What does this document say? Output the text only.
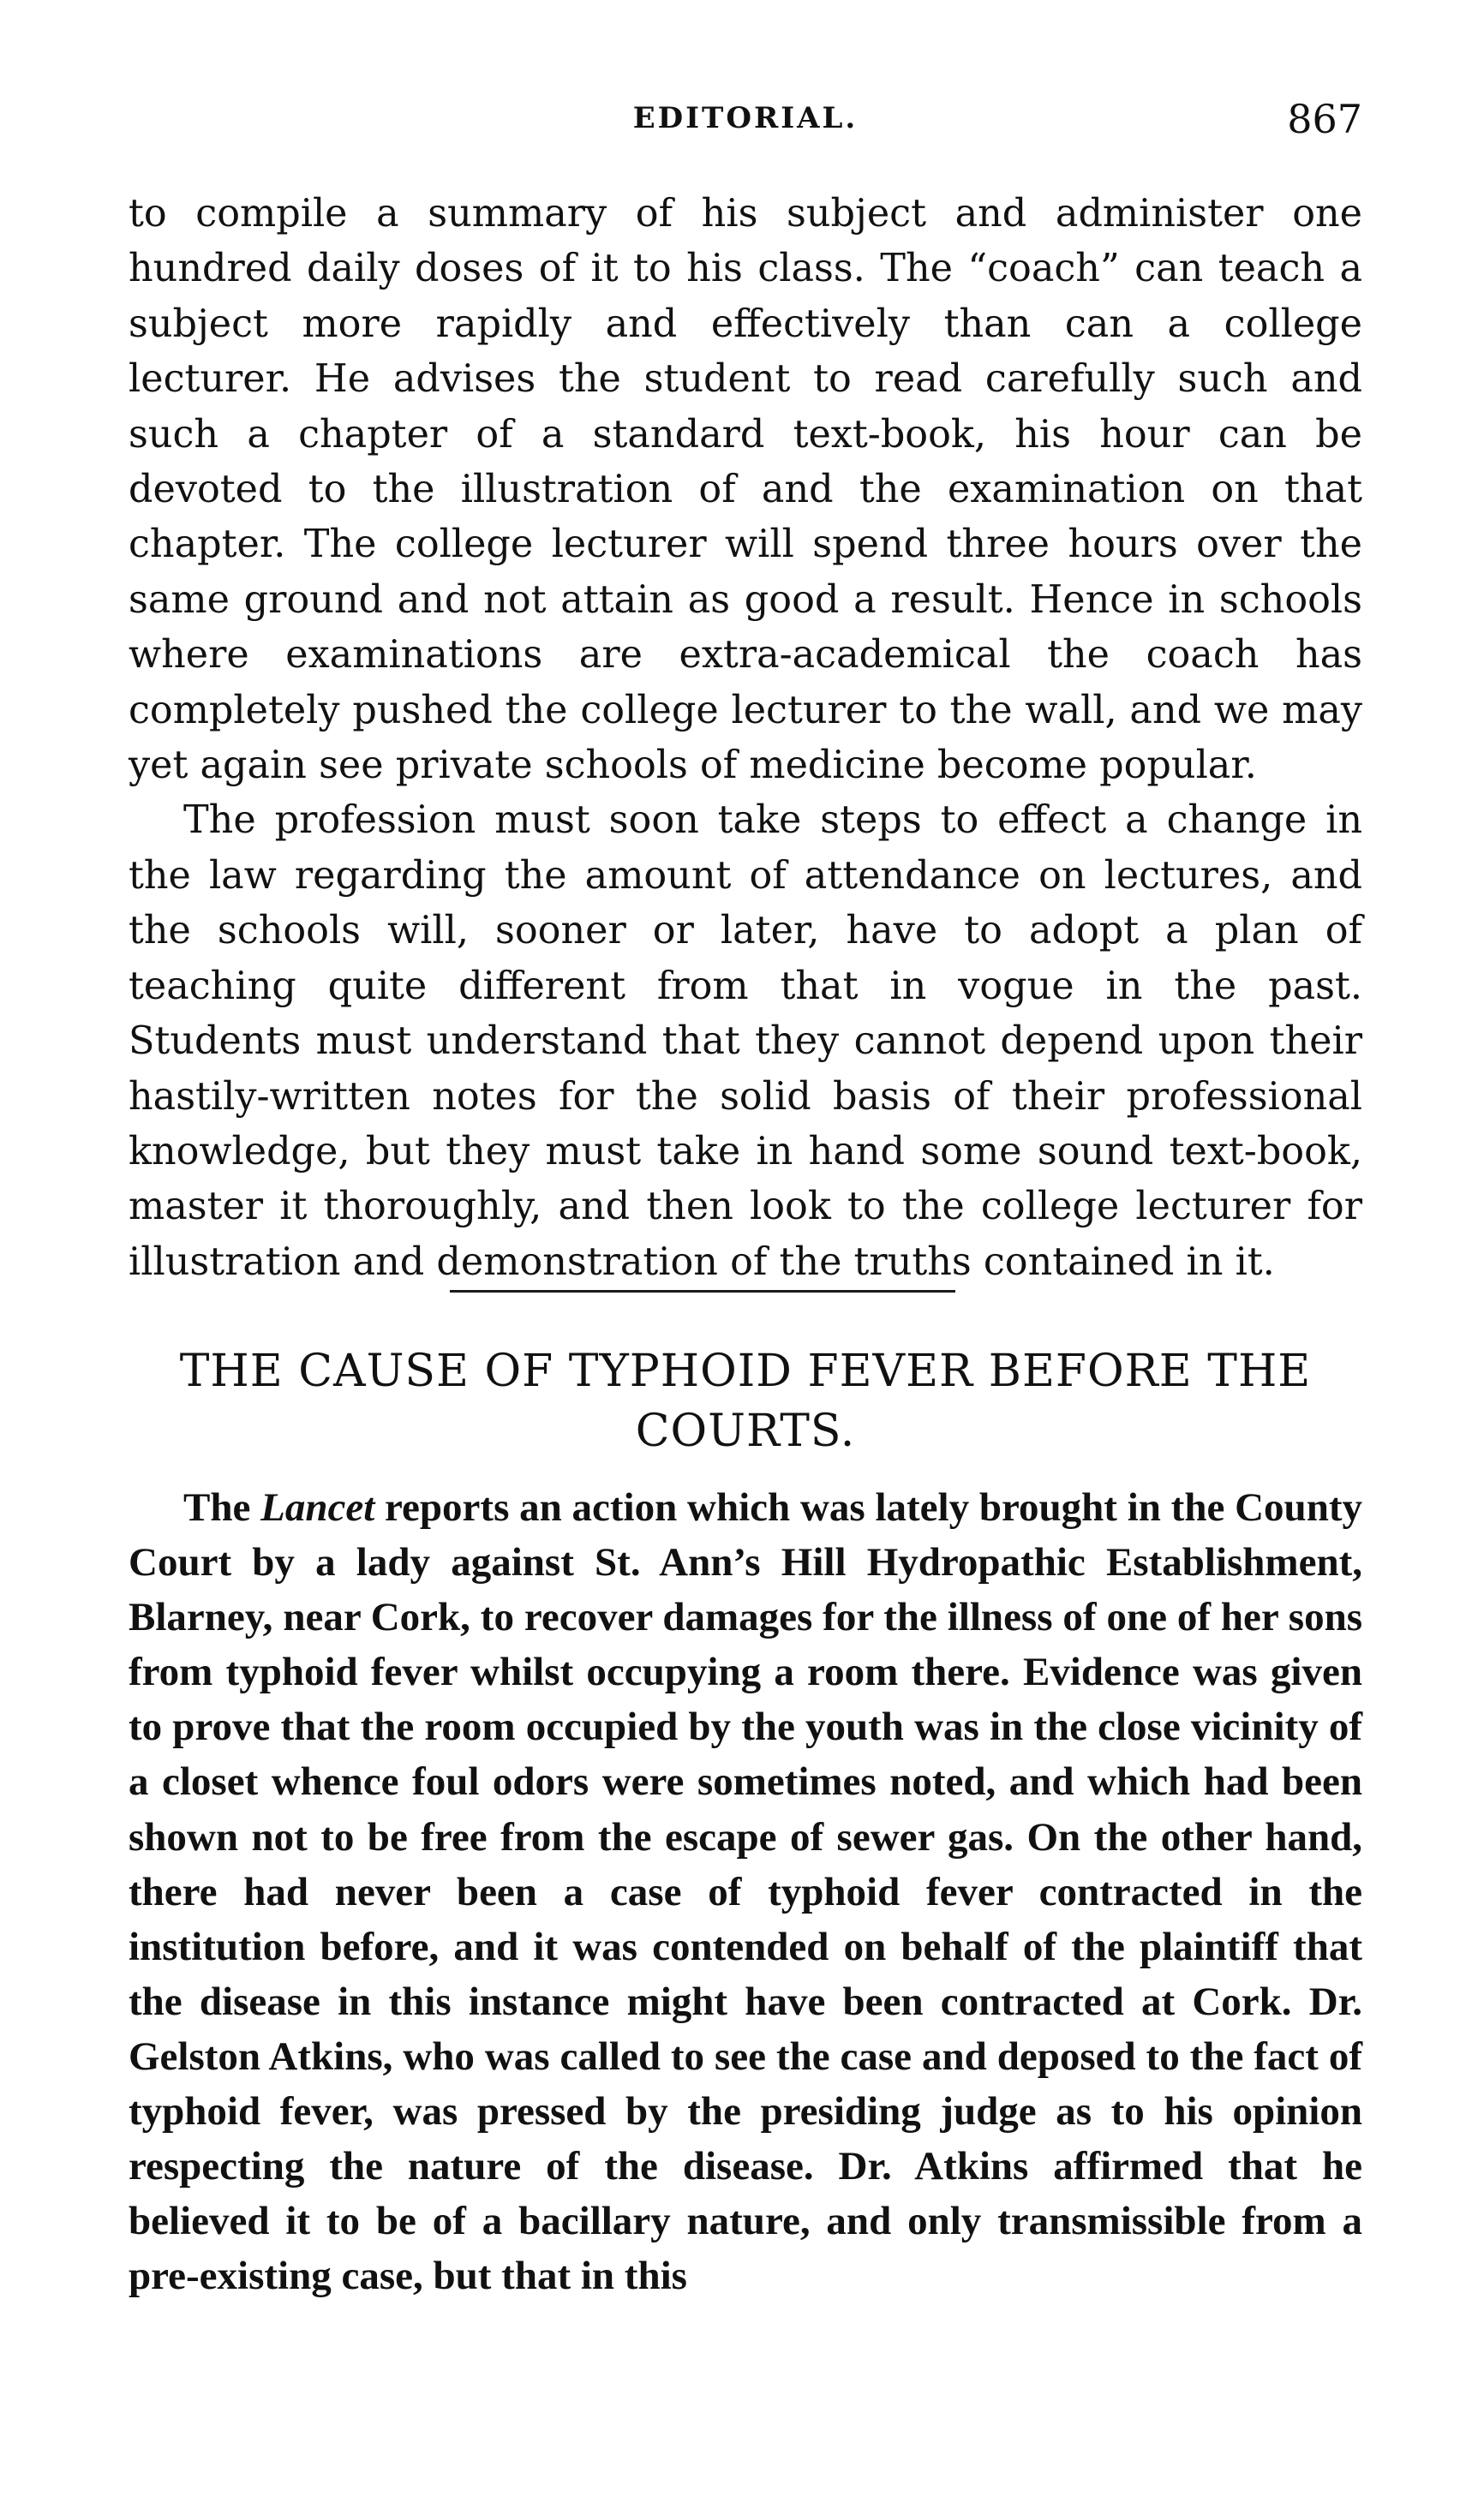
EDITORIAL.	867

to compile a summary of his subject and administer one hundred daily doses of it to his class. The “coach” can teach a subject more rapidly and effectively than can a college lecturer. He advises the student to read carefully such and such a chapter of a standard text-book, his hour can be devoted to the illustration of and the examination on that chapter. The college lecturer will spend three hours over the same ground and not attain as good a result. Hence in schools where examinations are extra-academical the coach has completely pushed the college lecturer to the wall, and we may yet again see private schools of medicine become popular.

The profession must soon take steps to effect a change in the law regarding the amount of attendance on lectures, and the schools will, sooner or later, have to adopt a plan of teaching quite different from that in vogue in the past. Students must understand that they cannot depend upon their hastily-written notes for the solid basis of their professional knowledge, but they must take in hand some sound text-book, master it thoroughly, and then look to the college lecturer for illustration and demonstration of the truths contained in it.

THE CAUSE OF TYPHOID FEVER BEFORE THE
COURTS.

The Lancet reports an action which was lately brought in the County Court by a lady against St. Ann’s Hill Hydropathic Establishment, Blarney, near Cork, to recover damages for the illness of one of her sons from typhoid fever whilst occupying a room there. Evidence was given to prove that the room occupied by the youth was in the close vicinity of a closet whence foul odors were sometimes noted, and which had been shown not to be free from the escape of sewer gas. On the other hand, there had never been a case of typhoid fever contracted in the institution before, and it was contended on behalf of the plaintiff that the disease in this instance might have been contracted at Cork. Dr. Gelston Atkins, who was called to see the case and deposed to the fact of typhoid fever, was pressed by the presiding judge as to his opinion respecting the nature of the disease. Dr. Atkins affirmed that he believed it to be of a bacillary nature, and only transmissible from a pre-existing case, but that in this
